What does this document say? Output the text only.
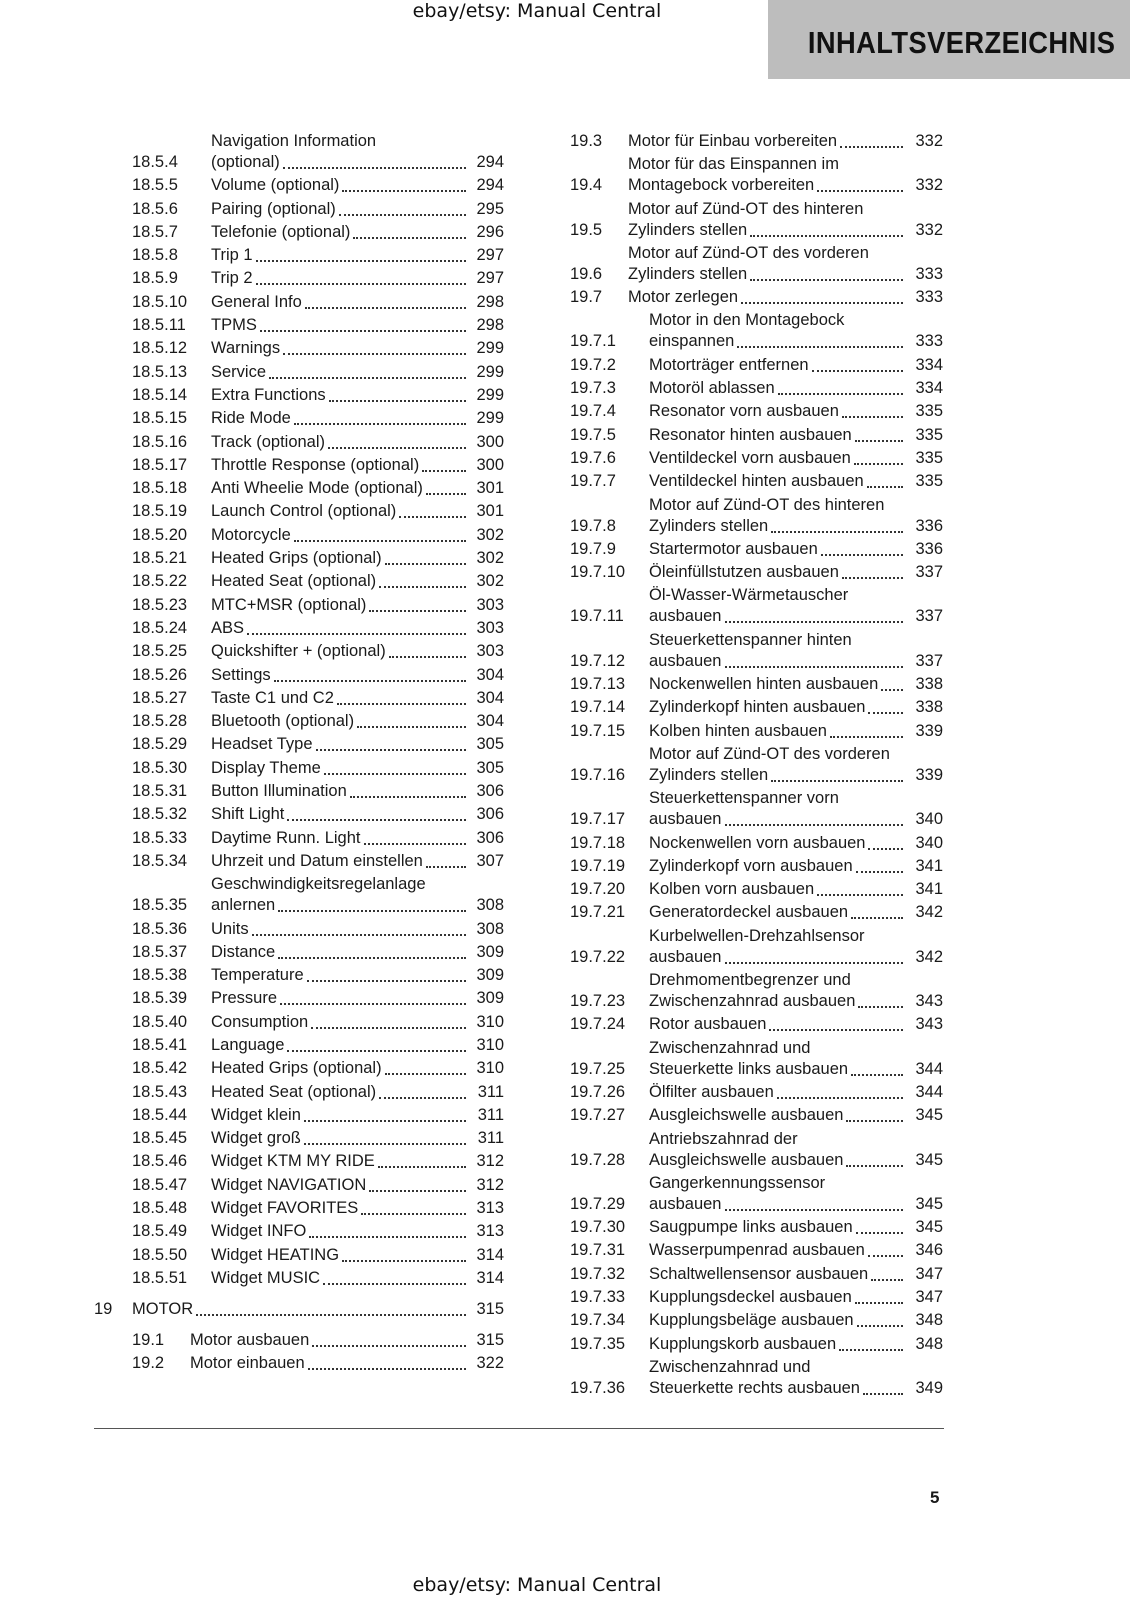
ebay/etsy: Manual Central
INHALTSVERZEICHNIS
18.5.4
Navigation Information
(optional)	294
18.5.5	Volume (optional)	294
18.5.6	Pairing (optional)	295
18.5.7	Telefonie (optional)	296
18.5.8	Trip 1	297
18.5.9	Trip 2	297
18.5.10	General Info	298
18.5.11	TPMS	298
18.5.12	Warnings	299
18.5.13	Service	299
18.5.14	Extra Functions	299
18.5.15	Ride Mode	299
18.5.16	Track (optional)	300
18.5.17	Throttle Response (optional)	300
18.5.18	Anti Wheelie Mode (optional)	301
18.5.19	Launch Control (optional)	301
18.5.20	Motorcycle	302
18.5.21	Heated Grips (optional)	302
18.5.22	Heated Seat (optional)	302
18.5.23	MTC+MSR (optional)	303
18.5.24	ABS	303
18.5.25	Quickshifter + (optional)	303
18.5.26	Settings	304
18.5.27	Taste C1 und C2	304
18.5.28	Bluetooth (optional)	304
18.5.29	Headset Type	305
18.5.30	Display Theme	305
18.5.31	Button Illumination	306
18.5.32	Shift Light	306
18.5.33	Daytime Runn. Light	306
18.5.34	Uhrzeit und Datum einstellen	307
18.5.35
Geschwindigkeitsregelanlage
anlernen	308
18.5.36	Units	308
18.5.37	Distance	309
18.5.38	Temperature	309
18.5.39	Pressure	309
18.5.40	Consumption	310
18.5.41	Language	310
18.5.42	Heated Grips (optional)	310
18.5.43	Heated Seat (optional)	311
18.5.44	Widget klein	311
18.5.45	Widget groß	311
18.5.46	Widget KTM MY RIDE	312
18.5.47	Widget NAVIGATION	312
18.5.48	Widget FAVORITES	313
18.5.49	Widget INFO	313
18.5.50	Widget HEATING	314
18.5.51	Widget MUSIC	314
19	MOTOR	315
19.1	Motor ausbauen	315
19.2	Motor einbauen	322
19.3	Motor für Einbau vorbereiten	332
19.4
Motor für das Einspannen im
Montagebock vorbereiten	332
19.5
Motor auf Zünd-OT des hinteren
Zylinders stellen	332
19.6
Motor auf Zünd-OT des vorderen
Zylinders stellen	333
19.7	Motor zerlegen	333
19.7.1
Motor in den Montagebock
einspannen	333
19.7.2	Motorträger entfernen	334
19.7.3	Motoröl ablassen	334
19.7.4	Resonator vorn ausbauen	335
19.7.5	Resonator hinten ausbauen	335
19.7.6	Ventildeckel vorn ausbauen	335
19.7.7	Ventildeckel hinten ausbauen	335
19.7.8
Motor auf Zünd-OT des hinteren
Zylinders stellen	336
19.7.9	Startermotor ausbauen	336
19.7.10	Öleinfüllstutzen ausbauen	337
19.7.11
Öl-Wasser-Wärmetauscher
ausbauen	337
19.7.12
Steuerkettenspanner hinten
ausbauen	337
19.7.13	Nockenwellen hinten ausbauen	338
19.7.14	Zylinderkopf hinten ausbauen	338
19.7.15	Kolben hinten ausbauen	339
19.7.16
Motor auf Zünd-OT des vorderen
Zylinders stellen	339
19.7.17
Steuerkettenspanner vorn
ausbauen	340
19.7.18	Nockenwellen vorn ausbauen	340
19.7.19	Zylinderkopf vorn ausbauen	341
19.7.20	Kolben vorn ausbauen	341
19.7.21	Generatordeckel ausbauen	342
19.7.22
Kurbelwellen-Drehzahlsensor
ausbauen	342
19.7.23
Drehmomentbegrenzer und
Zwischenzahnrad ausbauen	343
19.7.24	Rotor ausbauen	343
19.7.25
Zwischenzahnrad und
Steuerkette links ausbauen	344
19.7.26	Ölfilter ausbauen	344
19.7.27	Ausgleichswelle ausbauen	345
19.7.28
Antriebszahnrad der
Ausgleichswelle ausbauen	345
19.7.29
Gangerkennungssensor
ausbauen	345
19.7.30	Saugpumpe links ausbauen	345
19.7.31	Wasserpumpenrad ausbauen	346
19.7.32	Schaltwellensensor ausbauen	347
19.7.33	Kupplungsdeckel ausbauen	347
19.7.34	Kupplungsbeläge ausbauen	348
19.7.35	Kupplungskorb ausbauen	348
19.7.36
Zwischenzahnrad und
Steuerkette rechts ausbauen	349
5
ebay/etsy: Manual Central
